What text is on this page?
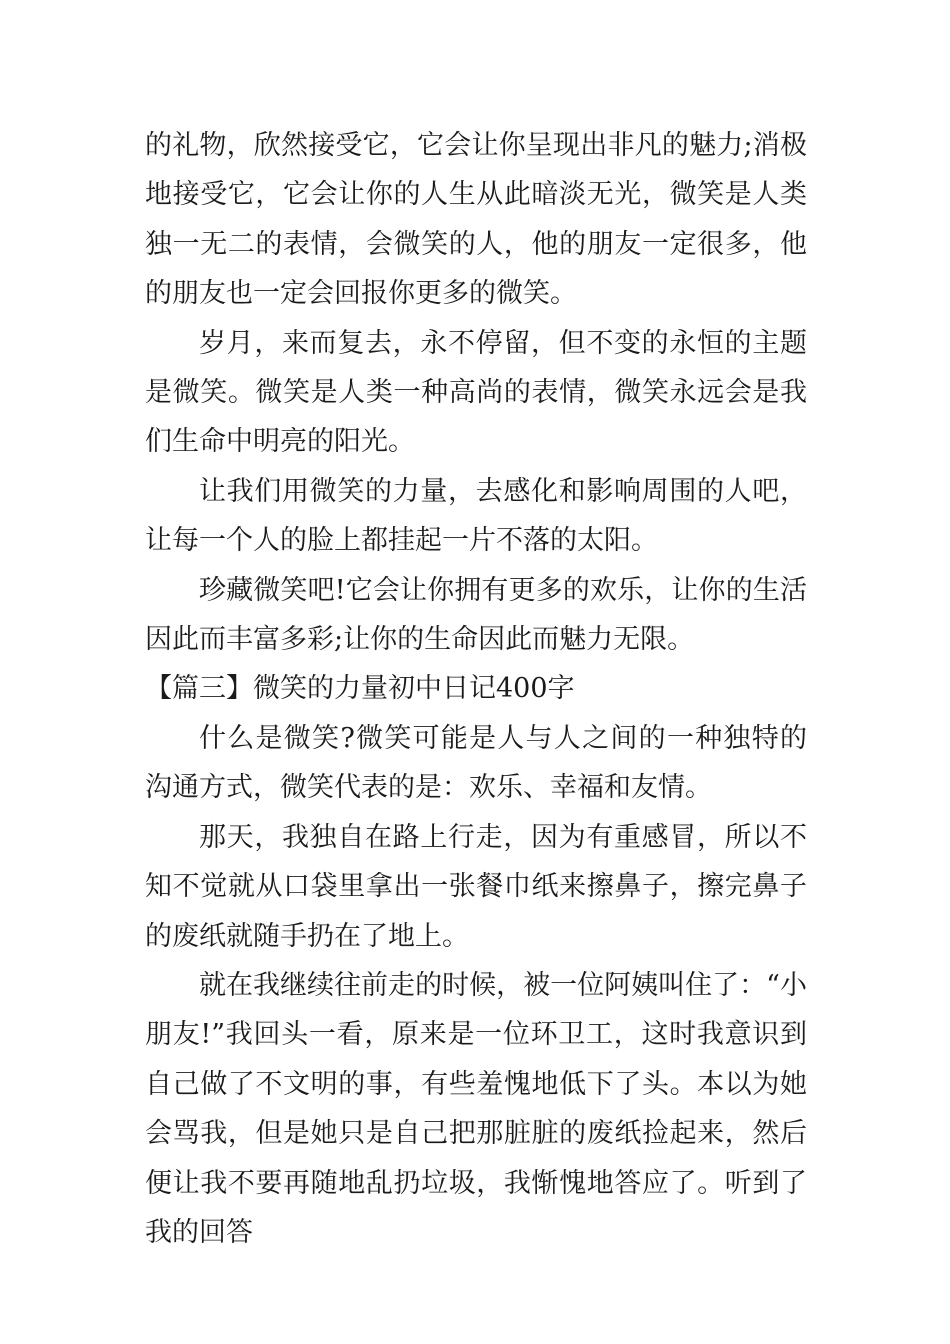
的礼物，欣然接受它，它会让你呈现出非凡的魅力;消极地接受它，它会让你的人生从此暗淡无光，微笑是人类独一无二的表情，会微笑的人，他的朋友一定很多，他的朋友也一定会回报你更多的微笑。

岁月，来而复去，永不停留，但不变的永恒的主题是微笑。微笑是人类一种高尚的表情，微笑永远会是我们生命中明亮的阳光。

让我们用微笑的力量，去感化和影响周围的人吧，让每一个人的脸上都挂起一片不落的太阳。

珍藏微笑吧!它会让你拥有更多的欢乐，让你的生活因此而丰富多彩;让你的生命因此而魅力无限。

【篇三】微笑的力量初中日记400字

什么是微笑?微笑可能是人与人之间的一种独特的沟通方式，微笑代表的是：欢乐、幸福和友情。

那天，我独自在路上行走，因为有重感冒，所以不知不觉就从口袋里拿出一张餐巾纸来擦鼻子，擦完鼻子的废纸就随手扔在了地上。

就在我继续往前走的时候，被一位阿姨叫住了：“小朋友!”我回头一看，原来是一位环卫工，这时我意识到自己做了不文明的事，有些羞愧地低下了头。本以为她会骂我，但是她只是自己把那脏脏的废纸捡起来，然后便让我不要再随地乱扔垃圾，我惭愧地答应了。听到了我的回答
